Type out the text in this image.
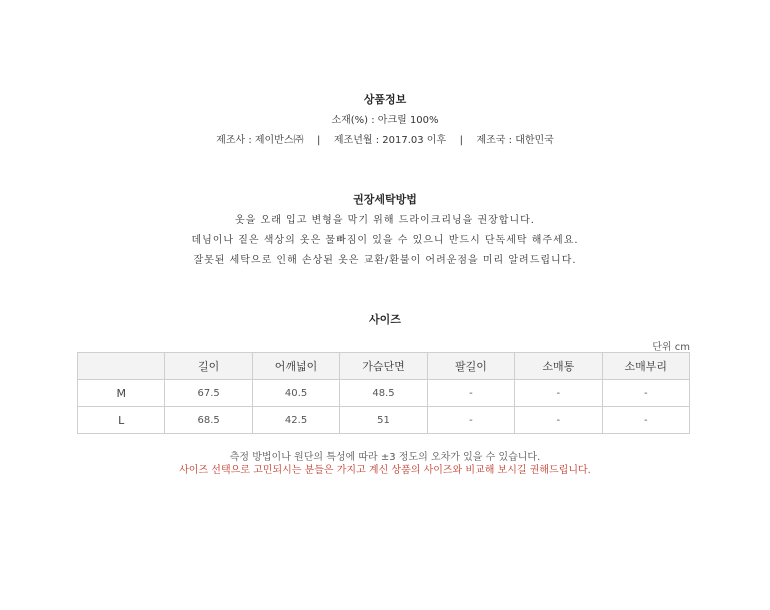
상품정보
소재(%) : 아크릴 100%
제조사 : 제이반스㈜ | 제조년월 : 2017.03 이후 | 제조국 : 대한민국
권장세탁방법
옷을 오래 입고 변형을 막기 위해 드라이크리닝을 권장합니다.
데님이나 짙은 색상의 옷은 물빠짐이 있을 수 있으니 반드시 단독세탁 해주세요.
잘못된 세탁으로 인해 손상된 옷은 교환/환불이 어려운점을 미리 알려드립니다.
사이즈
단위 cm
	길이	어깨넓이	가슴단면	팔길이	소매통	소매부리
M	67.5	40.5	48.5	-	-	-
L	68.5	42.5	51	-	-	-
측정 방법이나 원단의 특성에 따라 ±3 정도의 오차가 있을 수 있습니다.
사이즈 선택으로 고민되시는 분들은 가지고 계신 상품의 사이즈와 비교해 보시길 권해드립니다.
